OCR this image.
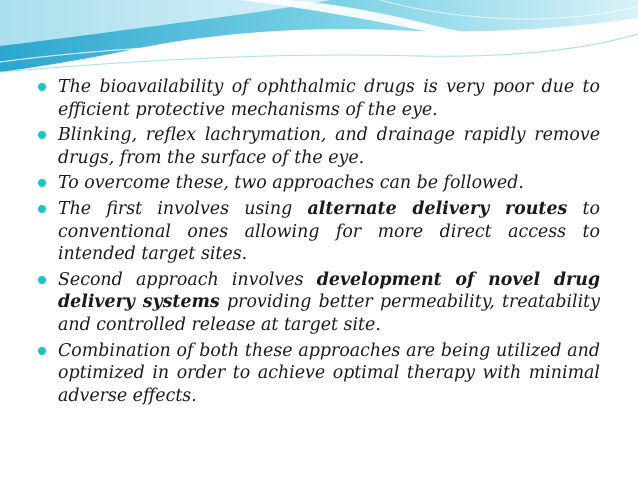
The bioavailability of ophthalmic drugs is very poor due to efficient protective mechanisms of the eye.
Blinking, reflex lachrymation, and drainage rapidly remove drugs, from the surface of the eye.
To overcome these, two approaches can be followed.
The first involves using alternate delivery routes to conventional ones allowing for more direct access to intended target sites.
Second approach involves development of novel drug delivery systems providing better permeability, treatability and controlled release at target site.
Combination of both these approaches are being utilized and optimized in order to achieve optimal therapy with minimal adverse effects.
